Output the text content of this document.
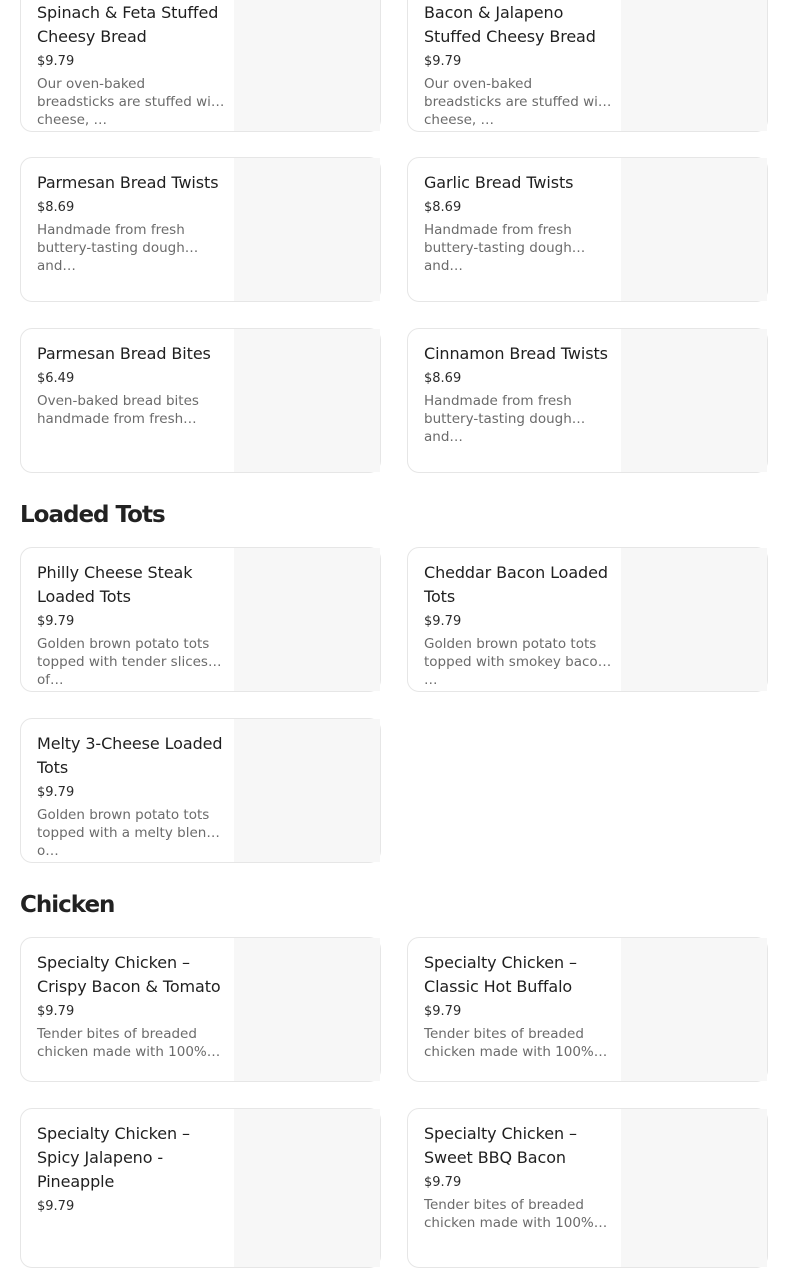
Spinach & Feta Stuffed Cheesy Bread
$9.79
Our oven-baked breadsticks are stuffed with cheese, …
Bacon & Jalapeno Stuffed Cheesy Bread
$9.79
Our oven-baked breadsticks are stuffed with cheese, …
Parmesan Bread Twists
$8.69
Handmade from fresh buttery-tasting dough and…
Garlic Bread Twists
$8.69
Handmade from fresh buttery-tasting dough and…
Parmesan Bread Bites
$6.49
Oven-baked bread bites handmade from fresh…
Cinnamon Bread Twists
$8.69
Handmade from fresh buttery-tasting dough and…
Loaded Tots
Philly Cheese Steak Loaded Tots
$9.79
Golden brown potato tots topped with tender slices of…
Cheddar Bacon Loaded Tots
$9.79
Golden brown potato tots topped with smokey bacon, …
Melty 3-Cheese Loaded Tots
$9.79
Golden brown potato tots topped with a melty blend o…
Chicken
Specialty Chicken – Crispy Bacon & Tomato
$9.79
Tender bites of breaded chicken made with 100%…
Specialty Chicken – Classic Hot Buffalo
$9.79
Tender bites of breaded chicken made with 100%…
Specialty Chicken – Spicy Jalapeno - Pineapple
$9.79
Specialty Chicken – Sweet BBQ Bacon
$9.79
Tender bites of breaded chicken made with 100%…
